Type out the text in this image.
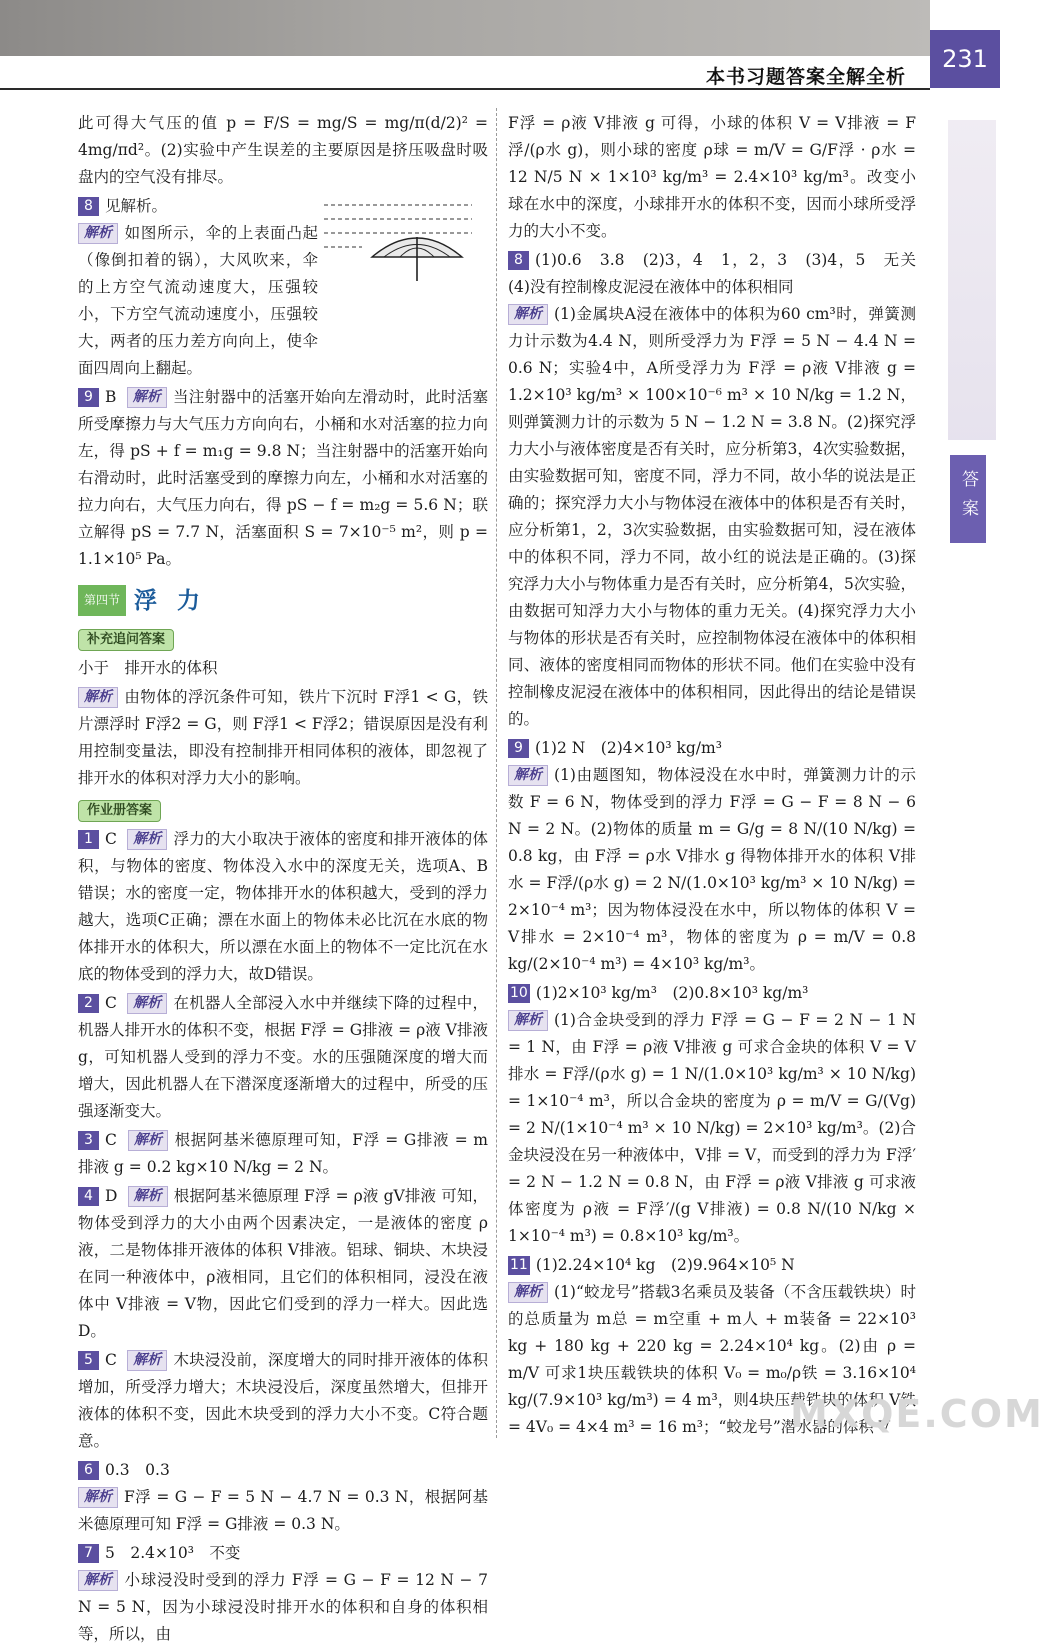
本书习题答案全解全析
231
答案

此可得大气压的值 p = F/S = mg/S = mg/π(d/2)² = 4mg/πd²。(2)实验中产生误差的主要原因是挤压吸盘时吸盘内的空气没有排尽。

8 见解析。
解析 如图所示，伞的上表面凸起（像倒扣着的锅），大风吹来，伞的上方空气流动速度大，压强较小，下方空气流动速度小，压强较大，两者的压力差方向向上，使伞面四周向上翻起。

9 B 解析 当注射器中的活塞开始向左滑动时，此时活塞所受摩擦力与大气压力方向向右，小桶和水对活塞的拉力向左，得 pS + f = m₁g = 9.8 N；当注射器中的活塞开始向右滑动时，此时活塞受到的摩擦力向左，小桶和水对活塞的拉力向右，大气压力向右，得 pS − f = m₂g = 5.6 N；联立解得 pS = 7.7 N，活塞面积 S = 7×10⁻⁵ m²，则 p = 1.1×10⁵ Pa。

第四节 浮 力
补充追问答案

小于　排开水的体积

解析 由物体的浮沉条件可知，铁片下沉时 F浮1 < G，铁片漂浮时 F浮2 = G，则 F浮1 < F浮2；错误原因是没有利用控制变量法，即没有控制排开相同体积的液体，即忽视了排开水的体积对浮力大小的影响。

作业册答案

1 C 解析 浮力的大小取决于液体的密度和排开液体的体积，与物体的密度、物体没入水中的深度无关，选项A、B错误；水的密度一定，物体排开水的体积越大，受到的浮力越大，选项C正确；漂在水面上的物体未必比沉在水底的物体排开水的体积大，所以漂在水面上的物体不一定比沉在水底的物体受到的浮力大，故D错误。

2 C 解析 在机器人全部浸入水中并继续下降的过程中，机器人排开水的体积不变，根据 F浮 = G排液 = ρ液 V排液 g，可知机器人受到的浮力不变。水的压强随深度的增大而增大，因此机器人在下潜深度逐渐增大的过程中，所受的压强逐渐变大。

3 C 解析 根据阿基米德原理可知，F浮 = G排液 = m排液 g = 0.2 kg×10 N/kg = 2 N。

4 D 解析 根据阿基米德原理 F浮 = ρ液 gV排液 可知，物体受到浮力的大小由两个因素决定，一是液体的密度 ρ液，二是物体排开液体的体积 V排液。铝球、铜块、木块浸在同一种液体中，ρ液相同，且它们的体积相同，浸没在液体中 V排液 = V物，因此它们受到的浮力一样大。因此选D。

5 C 解析 木块浸没前，深度增大的同时排开液体的体积增加，所受浮力增大；木块浸没后，深度虽然增大，但排开液体的体积不变，因此木块受到的浮力大小不变。C符合题意。

6 0.3　0.3
解析 F浮 = G − F = 5 N − 4.7 N = 0.3 N，根据阿基米德原理可知 F浮 = G排液 = 0.3 N。

7 5　2.4×10³　不变
解析 小球浸没时受到的浮力 F浮 = G − F = 12 N − 7 N = 5 N，因为小球浸没时排开水的体积和自身的体积相等，所以，由

F浮 = ρ液 V排液 g 可得，小球的体积 V = V排液 = F浮/(ρ水 g)，则小球的密度 ρ球 = m/V = G/F浮 · ρ水 = 12 N/5 N × 1×10³ kg/m³ = 2.4×10³ kg/m³。改变小球在水中的深度，小球排开水的体积不变，因而小球所受浮力的大小不变。

8 (1)0.6　3.8　(2)3，4　1，2，3　(3)4，5　无关　(4)没有控制橡皮泥浸在液体中的体积相同
解析 (1)金属块A浸在液体中的体积为60 cm³时，弹簧测力计示数为4.4 N，则所受浮力为 F浮 = 5 N − 4.4 N = 0.6 N；实验4中，A所受浮力为 F浮 = ρ液 V排液 g = 1.2×10³ kg/m³ × 100×10⁻⁶ m³ × 10 N/kg = 1.2 N，则弹簧测力计的示数为 5 N − 1.2 N = 3.8 N。(2)探究浮力大小与液体密度是否有关时，应分析第3，4次实验数据，由实验数据可知，密度不同，浮力不同，故小华的说法是正确的；探究浮力大小与物体浸在液体中的体积是否有关时，应分析第1，2，3次实验数据，由实验数据可知，浸在液体中的体积不同，浮力不同，故小红的说法是正确的。(3)探究浮力大小与物体重力是否有关时，应分析第4，5次实验，由数据可知浮力大小与物体的重力无关。(4)探究浮力大小与物体的形状是否有关时，应控制物体浸在液体中的体积相同、液体的密度相同而物体的形状不同。他们在实验中没有控制橡皮泥浸在液体中的体积相同，因此得出的结论是错误的。

9 (1)2 N　(2)4×10³ kg/m³
解析 (1)由题图知，物体浸没在水中时，弹簧测力计的示数 F = 6 N，物体受到的浮力 F浮 = G − F = 8 N − 6 N = 2 N。(2)物体的质量 m = G/g = 8 N/(10 N/kg) = 0.8 kg，由 F浮 = ρ水 V排水 g 得物体排开水的体积 V排水 = F浮/(ρ水 g) = 2 N/(1.0×10³ kg/m³ × 10 N/kg) = 2×10⁻⁴ m³；因为物体浸没在水中，所以物体的体积 V = V排水 = 2×10⁻⁴ m³，物体的密度为 ρ = m/V = 0.8 kg/(2×10⁻⁴ m³) = 4×10³ kg/m³。

10 (1)2×10³ kg/m³　(2)0.8×10³ kg/m³
解析 (1)合金块受到的浮力 F浮 = G − F = 2 N − 1 N = 1 N，由 F浮 = ρ液 V排液 g 可求合金块的体积 V = V排水 = F浮/(ρ水 g) = 1 N/(1.0×10³ kg/m³ × 10 N/kg) = 1×10⁻⁴ m³，所以合金块的密度为 ρ = m/V = G/(Vg) = 2 N/(1×10⁻⁴ m³ × 10 N/kg) = 2×10³ kg/m³。(2)合金块浸没在另一种液体中，V排 = V，而受到的浮力为 F浮′ = 2 N − 1.2 N = 0.8 N，由 F浮 = ρ液 V排液 g 可求液体密度为 ρ液 = F浮′/(g V排液) = 0.8 N/(10 N/kg × 1×10⁻⁴ m³) = 0.8×10³ kg/m³。

11 (1)2.24×10⁴ kg　(2)9.964×10⁵ N
解析 (1)“蛟龙号”搭载3名乘员及装备（不含压载铁块）时的总质量为 m总 = m空重 + m人 + m装备 = 22×10³ kg + 180 kg + 220 kg = 2.24×10⁴ kg。(2)由 ρ = m/V 可求1块压载铁块的体积 V₀ = m₀/ρ铁 = 3.16×10⁴ kg/(7.9×10³ kg/m³) = 4 m³，则4块压载铁块的体积 V铁 = 4V₀ = 4×4 m³ = 16 m³；“蛟龙号”潜水器的体积 V

MXQE.COM
